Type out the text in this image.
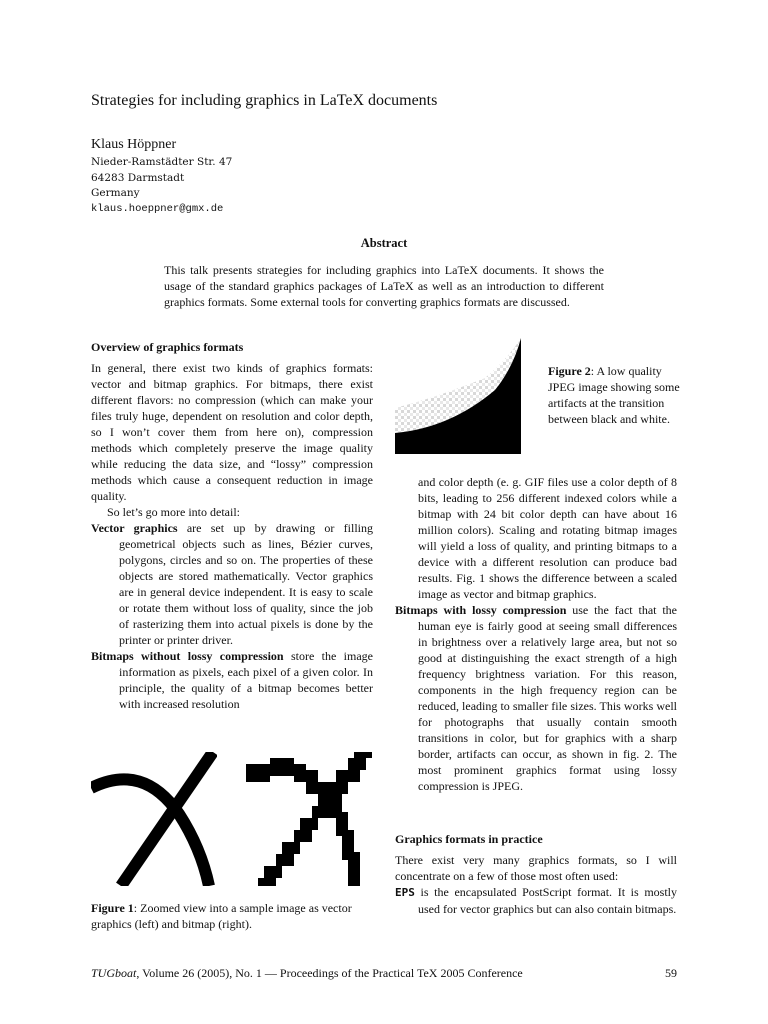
Strategies for including graphics in LaTeX documents
Klaus Höppner
Nieder-Ramstädter Str. 47
64283 Darmstadt
Germany
klaus.hoeppner@gmx.de
Abstract
This talk presents strategies for including graphics into LaTeX documents. It shows the usage of the standard graphics packages of LaTeX as well as an introduction to different graphics formats. Some external tools for converting graphics formats are discussed.
Overview of graphics formats

In general, there exist two kinds of graphics formats: vector and bitmap graphics. For bitmaps, there exist different flavors: no compression (which can make your files truly huge, dependent on resolution and color depth, so I won’t cover them from here on), compression methods which completely preserve the image quality while reducing the data size, and “lossy” compression methods which cause a consequent reduction in image quality.

So let’s go more into detail:

Vector graphics are set up by drawing or filling geometrical objects such as lines, Bézier curves, polygons, circles and so on. The properties of these objects are stored mathematically. Vector graphics are in general device independent. It is easy to scale or rotate them without loss of quality, since the job of rasterizing them into actual pixels is done by the printer or printer driver.

Bitmaps without lossy compression store the image information as pixels, each pixel of a given color. In principle, the quality of a bitmap becomes better with increased resolution

Figure 1: Zoomed view into a sample image as vector graphics (left) and bitmap (right).
Figure 2: A low quality JPEG image showing some artifacts at the transition between black and white.

and color depth (e. g. GIF files use a color depth of 8 bits, leading to 256 different indexed colors while a bitmap with 24 bit color depth can have about 16 million colors). Scaling and rotating bitmap images will yield a loss of quality, and printing bitmaps to a device with a different resolution can produce bad results. Fig. 1 shows the difference between a scaled image as vector and bitmap graphics.

Bitmaps with lossy compression use the fact that the human eye is fairly good at seeing small differences in brightness over a relatively large area, but not so good at distinguishing the exact strength of a high frequency brightness variation. For this reason, components in the high frequency region can be reduced, leading to smaller file sizes. This works well for photographs that usually contain smooth transitions in color, but for graphics with a sharp border, artifacts can occur, as shown in fig. 2. The most prominent graphics format using lossy compression is JPEG.

Graphics formats in practice

There exist very many graphics formats, so I will concentrate on a few of those most often used:

EPS is the encapsulated PostScript format. It is mostly used for vector graphics but can also contain bitmaps.

TUGboat, Volume 26 (2005), No. 1 — Proceedings of the Practical TeX 2005 Conference	59
